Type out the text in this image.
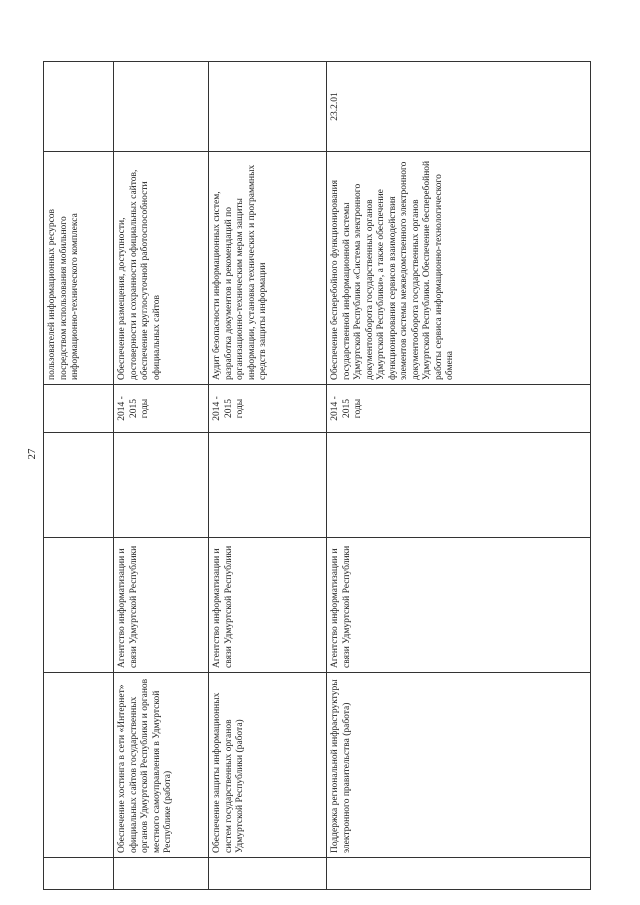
27
					пользователей информационных ресурсов посредством использования мобильного информационно-технического комплекса	
	Обеспечение хостинга в сети «Интернет» официальных сайтов государственных органов Удмуртской Республики и органов местного самоуправления в Удмуртской Республике (работа)	Агентство информатизации и связи Удмуртской Республики		2014 - 2015 годы	Обеспечение размещения, доступности, достоверности и сохранности официальных сайтов, обеспечение круглосуточной работоспособности официальных сайтов	
	Обеспечение защиты информационных систем государственных органов Удмуртской Республики (работа)	Агентство информатизации и связи Удмуртской Республики		2014 - 2015 годы	Аудит безопасности информационных систем, разработка документов и рекомендаций по организационно-техническим мерам защиты информации, установка технических и программных средств защиты информации	
	Поддержка региональной инфраструктуры электронного правительства (работа)	Агентство информатизации и связи Удмуртской Республики		2014 - 2015 годы	Обеспечение бесперебойного функционирования государственной информационной системы Удмуртской Республики «Система электронного документооборота государственных органов Удмуртской Республики», а также обеспечение функционирования сервисов взаимодействия элементов системы межведомственного электронного документооборота государственных органов Удмуртской Республики. Обеспечение бесперебойной работы сервиса информационно-технологического обмена	23.2.01
